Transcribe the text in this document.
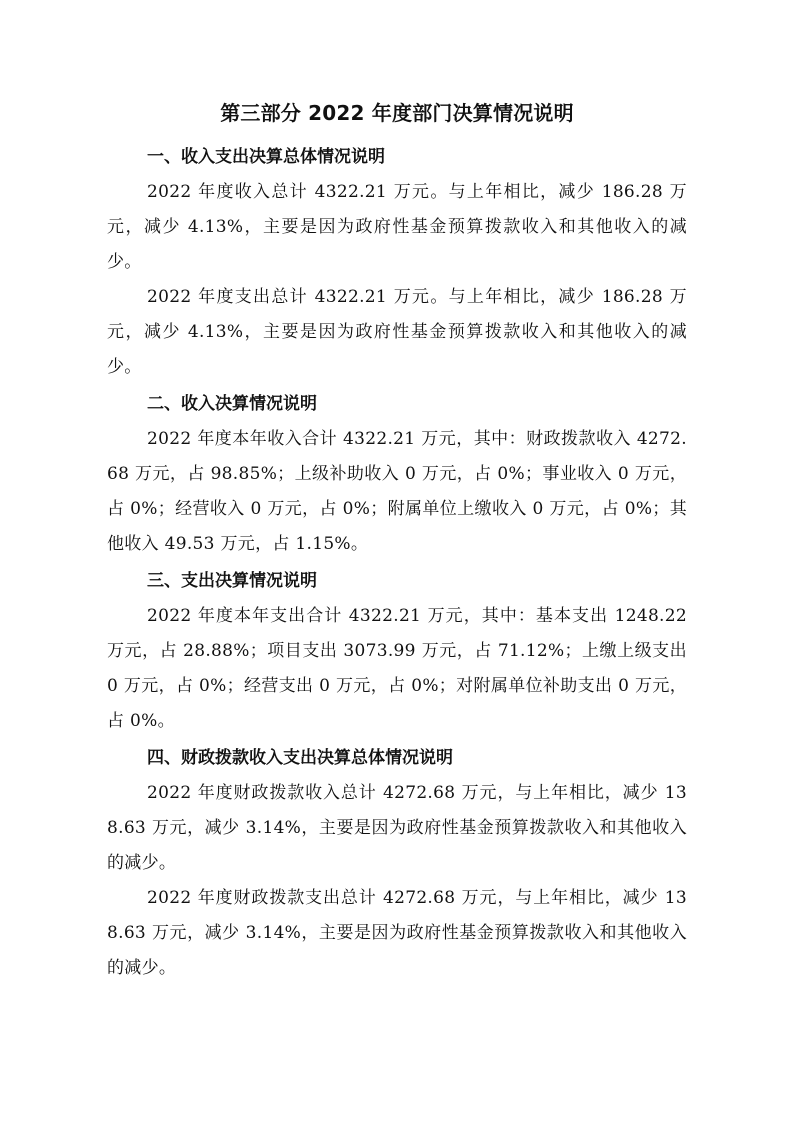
第三部分 2022 年度部门决算情况说明
一、收入支出决算总体情况说明

2022 年度收入总计 4322.21 万元。与上年相比，减少 186.28 万元，减少 4.13%，主要是因为政府性基金预算拨款收入和其他收入的减少。

2022 年度支出总计 4322.21 万元。与上年相比，减少 186.28 万元，减少 4.13%，主要是因为政府性基金预算拨款收入和其他收入的减少。

二、收入决算情况说明

2022 年度本年收入合计 4322.21 万元，其中：财政拨款收入 4272.68 万元，占 98.85%；上级补助收入 0 万元，占 0%；事业收入 0 万元，占 0%；经营收入 0 万元，占 0%；附属单位上缴收入 0 万元，占 0%；其他收入 49.53 万元，占 1.15%。

三、支出决算情况说明

2022 年度本年支出合计 4322.21 万元，其中：基本支出 1248.22 万元，占 28.88%；项目支出 3073.99 万元，占 71.12%；上缴上级支出 0 万元，占 0%；经营支出 0 万元，占 0%；对附属单位补助支出 0 万元，占 0%。

四、财政拨款收入支出决算总体情况说明

2022 年度财政拨款收入总计 4272.68 万元，与上年相比，减少 138.63 万元，减少 3.14%，主要是因为政府性基金预算拨款收入和其他收入的减少。

2022 年度财政拨款支出总计 4272.68 万元，与上年相比，减少 138.63 万元，减少 3.14%，主要是因为政府性基金预算拨款收入和其他收入的减少。
